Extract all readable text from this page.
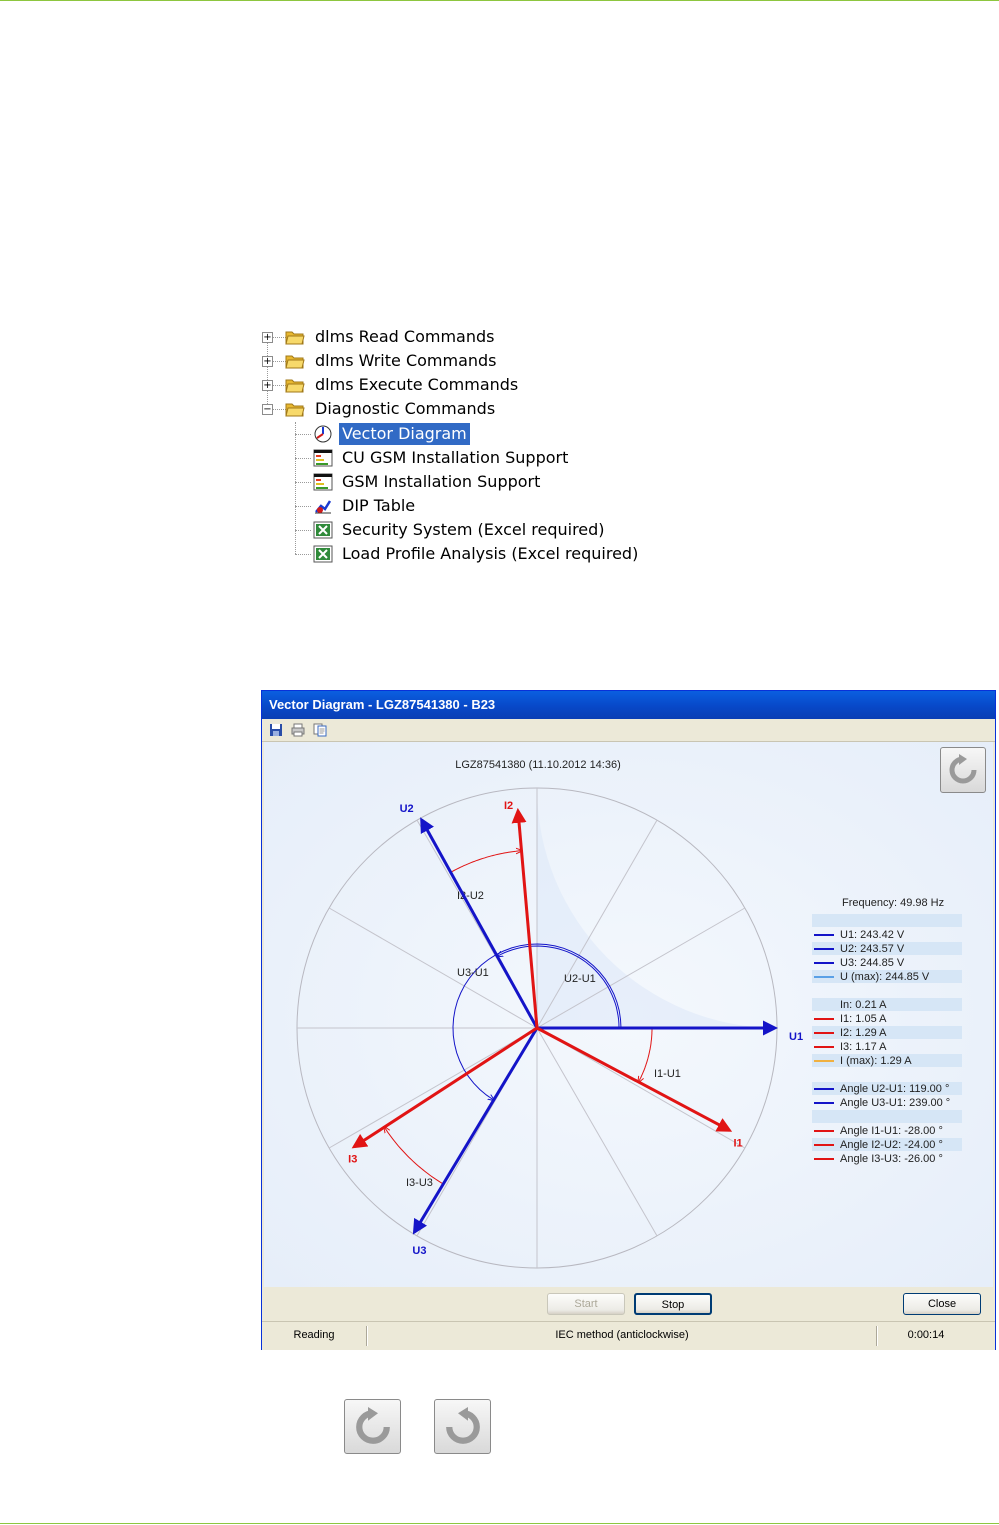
+	dlms Read Commands
+	dlms Write Commands
+	dlms Execute Commands
−	Diagnostic Commands
Vector Diagram
CU GSM Installation Support
GSM Installation Support
DIP Table
Security System (Excel required)
Load Profile Analysis (Excel required)
Vector Diagram - LGZ87541380 - B23
U2-U1
U3-U1
I1-U1
I2-U2
I3-U3
U1
U2
U3
I1
I2
I3
Frequency: 49.98 Hz
U1: 243.42 V
U2: 243.57 V
U3: 244.85 V
U (max): 244.85 V
In: 0.21 A
I1: 1.05 A
I2: 1.29 A
I3: 1.17 A
I (max): 1.29 A
Angle U2-U1: 119.00 °
Angle U3-U1: 239.00 °
Angle I1-U1: -28.00 °
Angle I2-U2: -24.00 °
Angle I3-U3: -26.00 °
LGZ87541380 (11.10.2012 14:36)
Start	Stop	Close
Reading	IEC method (anticlockwise)	0:00:14
